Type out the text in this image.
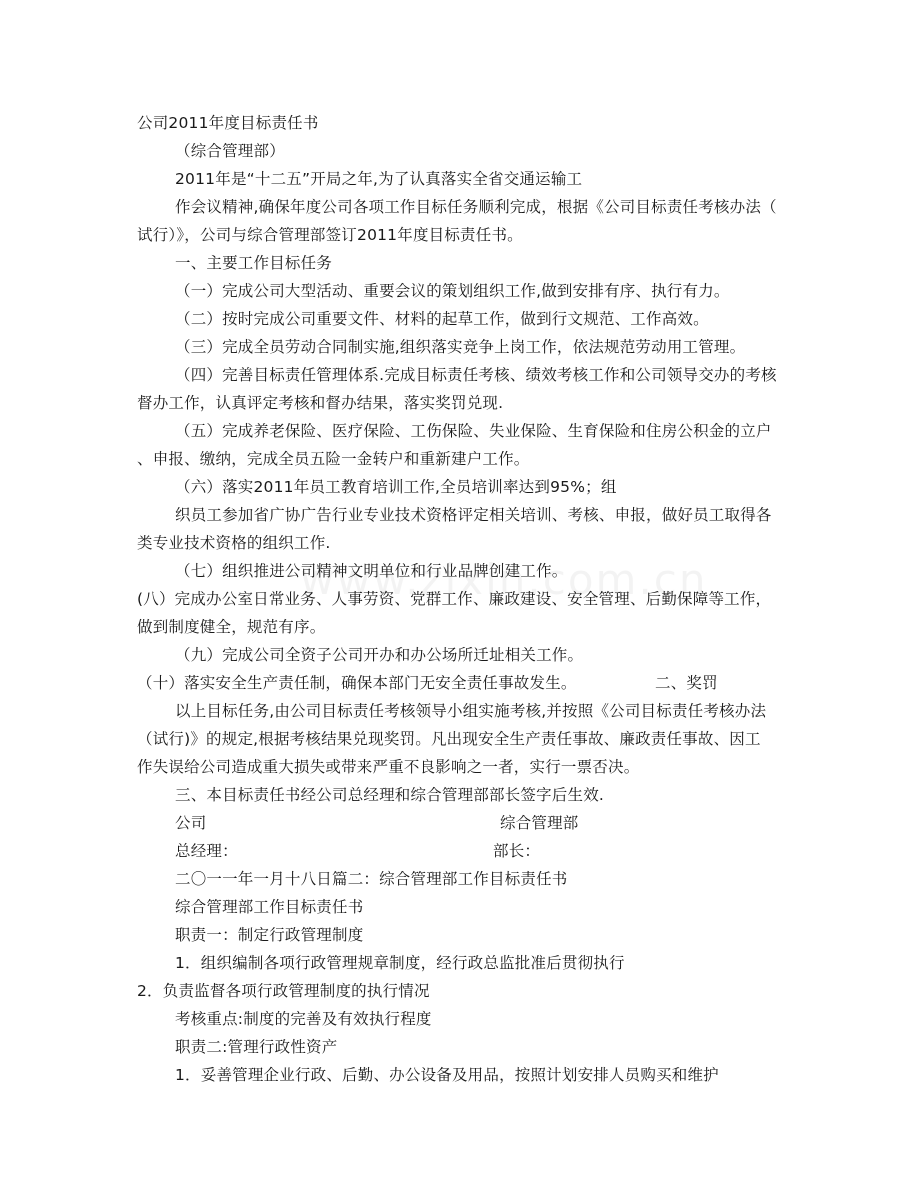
公司2011年度目标责任书
（综合管理部）
2011年是“十二五”开局之年,为了认真落实全省交通运输工
作会议精神,确保年度公司各项工作目标任务顺利完成，根据《公司目标责任考核办法（
试行）》，公司与综合管理部签订2011年度目标责任书。
一、主要工作目标任务
（一）完成公司大型活动、重要会议的策划组织工作,做到安排有序、执行有力。
（二）按时完成公司重要文件、材料的起草工作，做到行文规范、工作高效。
（三）完成全员劳动合同制实施,组织落实竞争上岗工作，依法规范劳动用工管理。
（四）完善目标责任管理体系.完成目标责任考核、绩效考核工作和公司领导交办的考核
督办工作，认真评定考核和督办结果，落实奖罚兑现.
（五）完成养老保险、医疗保险、工伤保险、失业保险、生育保险和住房公积金的立户
、申报、缴纳，完成全员五险一金转户和重新建户工作。
（六）落实2011年员工教育培训工作,全员培训率达到95%；组
织员工参加省广协广告行业专业技术资格评定相关培训、考核、申报，做好员工取得各
类专业技术资格的组织工作.
（七）组织推进公司精神文明单位和行业品牌创建工作。
(八）完成办公室日常业务、人事劳资、党群工作、廉政建设、安全管理、后勤保障等工作，
做到制度健全，规范有序。
（九）完成公司全资子公司开办和办公场所迁址相关工作。
（十）落实安全生产责任制，确保本部门无安全责任事故发生。	二、奖罚
以上目标任务,由公司目标责任考核领导小组实施考核,并按照《公司目标责任考核办法
（试行)》的规定,根据考核结果兑现奖罚。凡出现安全生产责任事故、廉政责任事故、因工
作失误给公司造成重大损失或带来严重不良影响之一者，实行一票否决。
三、本目标责任书经公司总经理和综合管理部部长签字后生效.
公司	综合管理部
总经理：	部长：
二〇一一年一月十八日篇二：综合管理部工作目标责任书
综合管理部工作目标责任书
职责一：制定行政管理制度
1．组织编制各项行政管理规章制度，经行政总监批准后贯彻执行
2．负责监督各项行政管理制度的执行情况
考核重点:制度的完善及有效执行程度
职责二:管理行政性资产
1．妥善管理企业行政、后勤、办公设备及用品，按照计划安排人员购买和维护
